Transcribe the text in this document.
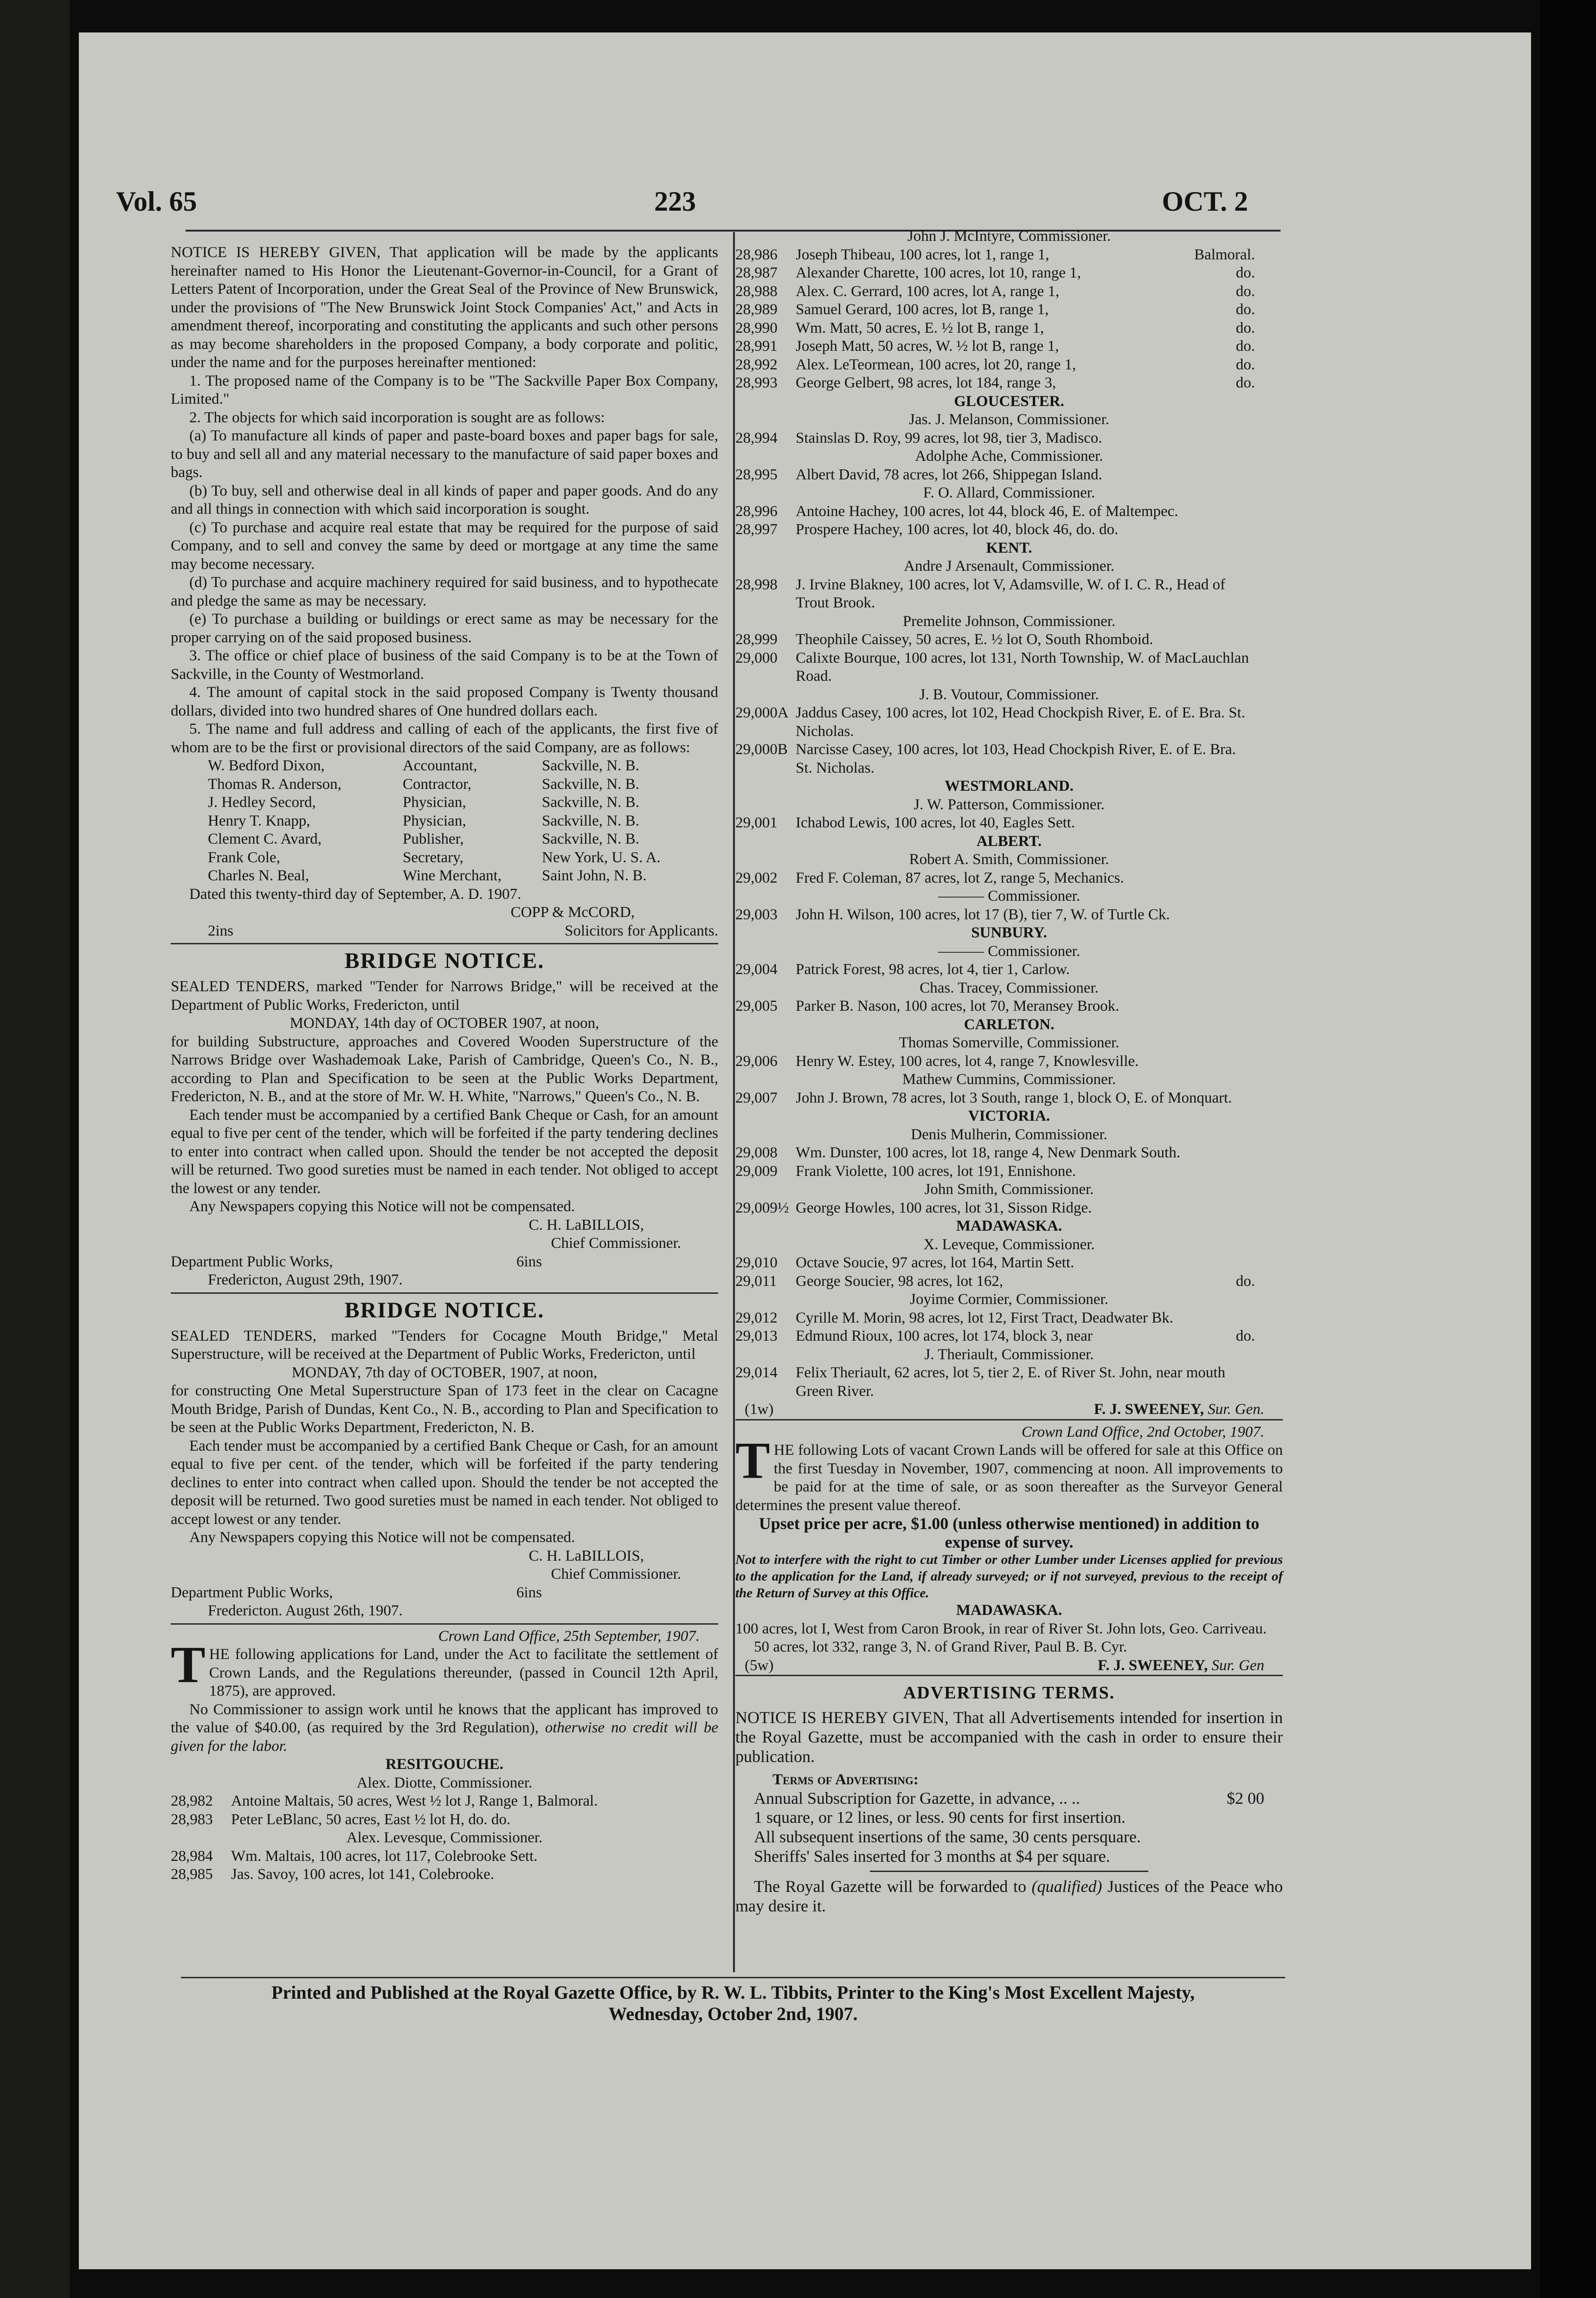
Vol. 65	223	OCT. 2

NOTICE IS HEREBY GIVEN, That application will be made by the applicants hereinafter named to His Honor the Lieutenant-Governor-in-Council, for a Grant of Letters Patent of Incorporation, under the Great Seal of the Province of New Brunswick, under the provisions of "The New Brunswick Joint Stock Companies' Act," and Acts in amendment thereof, incorporating and constituting the applicants and such other persons as may become shareholders in the proposed Company, a body corporate and politic, under the name and for the purposes hereinafter mentioned:

1. The proposed name of the Company is to be "The Sackville Paper Box Company, Limited."

2. The objects for which said incorporation is sought are as follows:

(a) To manufacture all kinds of paper and paste-board boxes and paper bags for sale, to buy and sell all and any material necessary to the manufacture of said paper boxes and bags.

(b) To buy, sell and otherwise deal in all kinds of paper and paper goods. And do any and all things in connection with which said incorporation is sought.

(c) To purchase and acquire real estate that may be required for the purpose of said Company, and to sell and convey the same by deed or mortgage at any time the same may become necessary.

(d) To purchase and acquire machinery required for said business, and to hypothecate and pledge the same as may be necessary.

(e) To purchase a building or buildings or erect same as may be necessary for the proper carrying on of the said proposed business.

3. The office or chief place of business of the said Company is to be at the Town of Sackville, in the County of Westmorland.

4. The amount of capital stock in the said proposed Company is Twenty thousand dollars, divided into two hundred shares of One hundred dollars each.

5. The name and full address and calling of each of the applicants, the first five of whom are to be the first or provisional directors of the said Company, are as follows:

W. Bedford Dixon,	Accountant,	Sackville, N. B.
Thomas R. Anderson,	Contractor,	Sackville, N. B.
J. Hedley Secord,	Physician,	Sackville, N. B.
Henry T. Knapp,	Physician,	Sackville, N. B.
Clement C. Avard,	Publisher,	Sackville, N. B.
Frank Cole,	Secretary,	New York, U. S. A.
Charles N. Beal,	Wine Merchant,	Saint John, N. B.

Dated this twenty-third day of September, A. D. 1907.

COPP & McCORD,

2ins	Solicitors for Applicants.
BRIDGE NOTICE.

SEALED TENDERS, marked "Tender for Narrows Bridge," will be received at the Department of Public Works, Fredericton, until

MONDAY, 14th day of OCTOBER 1907, at noon,

for building Substructure, approaches and Covered Wooden Superstructure of the Narrows Bridge over Washademoak Lake, Parish of Cambridge, Queen's Co., N. B., according to Plan and Specification to be seen at the Public Works Department, Fredericton, N. B., and at the store of Mr. W. H. White, "Narrows," Queen's Co., N. B.

Each tender must be accompanied by a certified Bank Cheque or Cash, for an amount equal to five per cent of the tender, which will be forfeited if the party tendering declines to enter into contract when called upon. Should the tender be not accepted the deposit will be returned. Two good sureties must be named in each tender. Not obliged to accept the lowest or any tender.

Any Newspapers copying this Notice will not be compensated.

C. H. LaBILLOIS,

Chief Commissioner.

Department Public Works,	6ins

Fredericton, August 29th, 1907.

BRIDGE NOTICE.

SEALED TENDERS, marked "Tenders for Cocagne Mouth Bridge," Metal Superstructure, will be received at the Department of Public Works, Fredericton, until

MONDAY, 7th day of OCTOBER, 1907, at noon,

for constructing One Metal Superstructure Span of 173 feet in the clear on Cacagne Mouth Bridge, Parish of Dundas, Kent Co., N. B., according to Plan and Specification to be seen at the Public Works Department, Fredericton, N. B.

Each tender must be accompanied by a certified Bank Cheque or Cash, for an amount equal to five per cent. of the tender, which will be forfeited if the party tendering declines to enter into contract when called upon. Should the tender be not accepted the deposit will be returned. Two good sureties must be named in each tender. Not obliged to accept lowest or any tender.

Any Newspapers copying this Notice will not be compensated.

C. H. LaBILLOIS,

Chief Commissioner.

Department Public Works,	6ins

Fredericton. August 26th, 1907.

Crown Land Office, 25th September, 1907.

THE following applications for Land, under the Act to facilitate the settlement of Crown Lands, and the Regulations thereunder, (passed in Council 12th April, 1875), are approved.

No Commissioner to assign work until he knows that the applicant has improved to the value of $40.00, (as required by the 3rd Regulation), otherwise no credit will be given for the labor.

RESITGOUCHE.

Alex. Diotte, Commissioner.

28,982	Antoine Maltais, 50 acres, West ½ lot J, Range 1, Balmoral.
28,983	Peter LeBlanc, 50 acres, East ½ lot H, do. do.

Alex. Levesque, Commissioner.

28,984	Wm. Maltais, 100 acres, lot 117, Colebrooke Sett.
28,985	Jas. Savoy, 100 acres, lot 141, Colebrooke.

John J. McIntyre, Commissioner.

28,986	Joseph Thibeau, 100 acres, lot 1, range 1,	Balmoral.
28,987	Alexander Charette, 100 acres, lot 10, range 1,	do.
28,988	Alex. C. Gerrard, 100 acres, lot A, range 1,	do.
28,989	Samuel Gerard, 100 acres, lot B, range 1,	do.
28,990	Wm. Matt, 50 acres, E. ½ lot B, range 1,	do.
28,991	Joseph Matt, 50 acres, W. ½ lot B, range 1,	do.
28,992	Alex. LeTeormean, 100 acres, lot 20, range 1,	do.
28,993	George Gelbert, 98 acres, lot 184, range 3,	do.
GLOUCESTER.

Jas. J. Melanson, Commissioner.

28,994	Stainslas D. Roy, 99 acres, lot 98, tier 3, Madisco.

Adolphe Ache, Commissioner.

28,995	Albert David, 78 acres, lot 266, Shippegan Island.

F. O. Allard, Commissioner.

28,996	Antoine Hachey, 100 acres, lot 44, block 46, E. of Maltempec.
28,997	Prospere Hachey, 100 acres, lot 40, block 46, do. do.
KENT.

Andre J Arsenault, Commissioner.

28,998	J. Irvine Blakney, 100 acres, lot V, Adamsville, W. of I. C. R., Head of Trout Brook.

Premelite Johnson, Commissioner.

28,999	Theophile Caissey, 50 acres, E. ½ lot O, South Rhomboid.
29,000	Calixte Bourque, 100 acres, lot 131, North Township, W. of MacLauchlan Road.

J. B. Voutour, Commissioner.

29,000A Jaddus Casey, 100 acres, lot 102, Head Chockpish River, E. of E. Bra. St. Nicholas.
29,000B Narcisse Casey, 100 acres, lot 103, Head Chockpish River, E. of E. Bra. St. Nicholas.
WESTMORLAND.

J. W. Patterson, Commissioner.

29,001	Ichabod Lewis, 100 acres, lot 40, Eagles Sett.
ALBERT.

Robert A. Smith, Commissioner.

29,002	Fred F. Coleman, 87 acres, lot Z, range 5, Mechanics.

——— Commissioner.

29,003	John H. Wilson, 100 acres, lot 17 (B), tier 7, W. of Turtle Ck.
SUNBURY.

——— Commissioner.

29,004	Patrick Forest, 98 acres, lot 4, tier 1, Carlow.

Chas. Tracey, Commissioner.

29,005	Parker B. Nason, 100 acres, lot 70, Meransey Brook.
CARLETON.

Thomas Somerville, Commissioner.

29,006	Henry W. Estey, 100 acres, lot 4, range 7, Knowlesville.

Mathew Cummins, Commissioner.

29,007	John J. Brown, 78 acres, lot 3 South, range 1, block O, E. of Monquart.
VICTORIA.

Denis Mulherin, Commissioner.

29,008	Wm. Dunster, 100 acres, lot 18, range 4, New Denmark South.
29,009	Frank Violette, 100 acres, lot 191, Ennishone.

John Smith, Commissioner.

29,009½ George Howles, 100 acres, lot 31, Sisson Ridge.
MADAWASKA.

X. Leveque, Commissioner.

29,010	Octave Soucie, 97 acres, lot 164, Martin Sett.
29,011	George Soucier, 98 acres, lot 162,	do.

Joyime Cormier, Commissioner.

29,012	Cyrille M. Morin, 98 acres, lot 12, First Tract, Deadwater Bk.
29,013	Edmund Rioux, 100 acres, lot 174, block 3, near	do.

J. Theriault, Commissioner.

29,014	Felix Theriault, 62 acres, lot 5, tier 2, E. of River St. John, near mouth Green River.
(1w)	F. J. SWEENEY, Sur. Gen.

Crown Land Office, 2nd October, 1907.

THE following Lots of vacant Crown Lands will be offered for sale at this Office on the first Tuesday in November, 1907, commencing at noon. All improvements to be paid for at the time of sale, or as soon thereafter as the Surveyor General determines the present value thereof.

Upset price per acre, $1.00 (unless otherwise mentioned) in addition to expense of survey.

Not to interfere with the right to cut Timber or other Lumber under Licenses applied for previous to the application for the Land, if already surveyed; or if not surveyed, previous to the receipt of the Return of Survey at this Office.

MADAWASKA.

100 acres, lot I, West from Caron Brook, in rear of River St. John lots, Geo. Carriveau.

50 acres, lot 332, range 3, N. of Grand River, Paul B. B. Cyr.

(5w)	F. J. SWEENEY, Sur. Gen
ADVERTISING TERMS.

NOTICE IS HEREBY GIVEN, That all Advertisements intended for insertion in the Royal Gazette, must be accompanied with the cash in order to ensure their publication.

Terms of Advertising:

Annual Subscription for Gazette, in advance, .. ..	$2 00

1 square, or 12 lines, or less. 90 cents for first insertion.

All subsequent insertions of the same, 30 cents persquare.

Sheriffs' Sales inserted for 3 months at $4 per square.

The Royal Gazette will be forwarded to (qualified) Justices of the Peace who may desire it.

Printed and Published at the Royal Gazette Office, by R. W. L. Tibbits, Printer to the King's Most Excellent Majesty,
Wednesday, October 2nd, 1907.
